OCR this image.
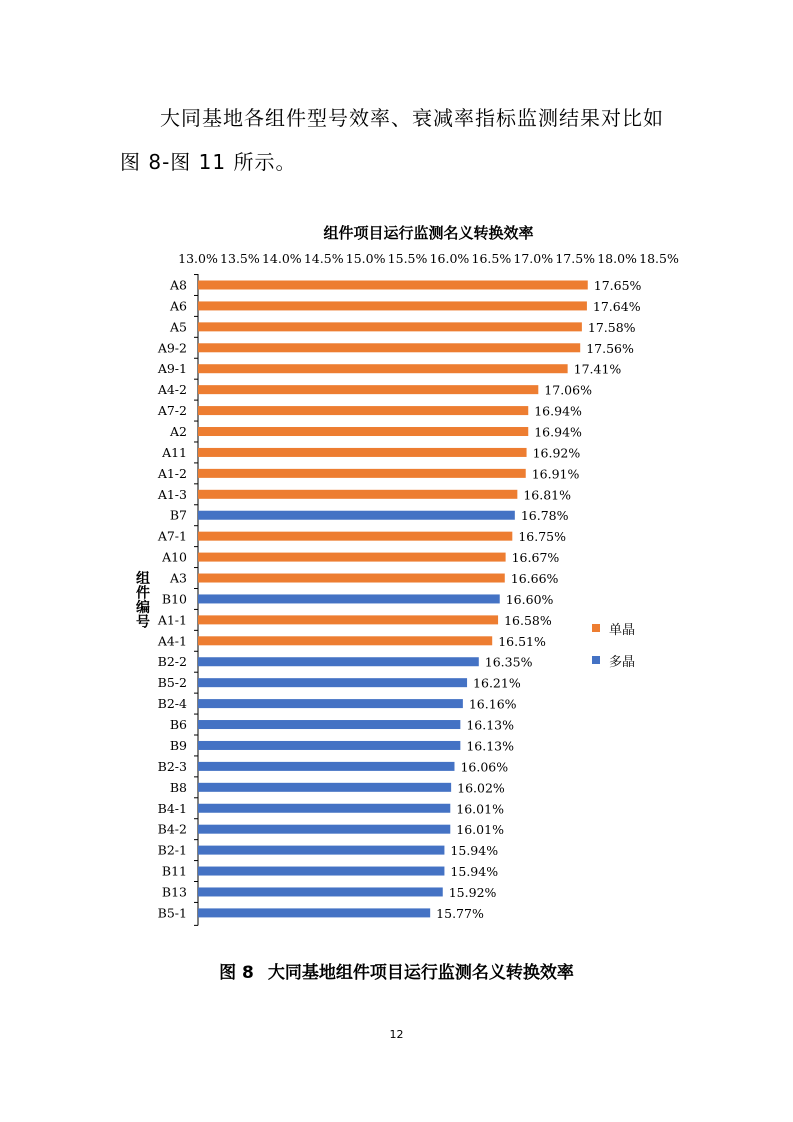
大同基地各组件型号效率、衰减率指标监测结果对比如

图 8-图 11 所示。

组件项目运行监测名义转换效率
13.0% 13.5% 14.0% 14.5% 15.0% 15.5% 16.0% 16.5% 17.0% 17.5% 18.0% 18.5%
A8	17.65%
A6	17.64%
A5	17.58%
A9-2	17.56%
A9-1	17.41%
A4-2	17.06%
A7-2	16.94%
A2	16.94%
A11	16.92%
A1-2	16.91%
A1-3	16.81%
B7	16.78%
A7-1	16.75%
A10	16.67%
A3	16.66%
B10	16.60%
A1-1	16.58%
A4-1	16.51%
B2-2	16.35%
B5-2	16.21%
B2-4	16.16%
B6	16.13%
B9	16.13%
B2-3	16.06%
B8	16.02%
B4-1	16.01%
B4-2	16.01%
B2-1	15.94%
B11	15.94%
B13	15.92%
B5-1	15.77%
组
件
编
号	单晶
多晶
图 8 大同基地组件项目运行监测名义转换效率
12
